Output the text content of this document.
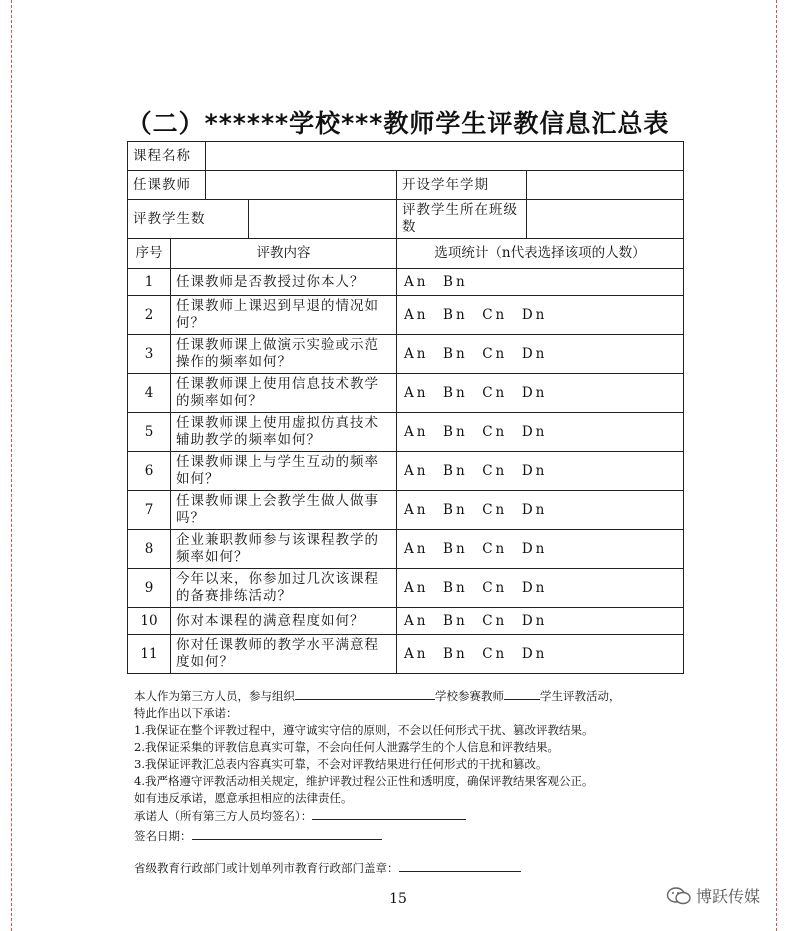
（二）******学校***教师学生评教信息汇总表
课程名称					
任课教师				开设学年学期	
评教学生数				评教学生所在班级数	
序号	评教内容			选项统计（n代表选择该项的人数）	
1	任课教师是否教授过你本人？			An  Bn	
2	任课教师上课迟到早退的情况如何？			An  Bn  Cn  Dn	
3	任课教师课上做演示实验或示范操作的频率如何？			An  Bn  Cn  Dn	
4	任课教师课上使用信息技术教学的频率如何？			An  Bn  Cn  Dn	
5	任课教师课上使用虚拟仿真技术辅助教学的频率如何？			An  Bn  Cn  Dn	
6	任课教师课上与学生互动的频率如何？			An  Bn  Cn  Dn	
7	任课教师课上会教学生做人做事吗？			An  Bn  Cn  Dn	
8	企业兼职教师参与该课程教学的频率如何？			An  Bn  Cn  Dn	
9	今年以来，你参加过几次该课程的备赛排练活动？			An  Bn  Cn  Dn	
10	你对本课程的满意程度如何？			An  Bn  Cn  Dn	
11	你对任课教师的教学水平满意程度如何？			An  Bn  Cn  Dn	

本人作为第三方人员，参与组织	学校参赛教师	学生评教活动，

特此作出以下承诺：

1.我保证在整个评教过程中，遵守诚实守信的原则，不会以任何形式干扰、篡改评教结果。

2.我保证采集的评教信息真实可靠，不会向任何人泄露学生的个人信息和评教结果。

3.我保证评教汇总表内容真实可靠，不会对评教结果进行任何形式的干扰和篡改。

4.我严格遵守评教活动相关规定，维护评教过程公正性和透明度，确保评教结果客观公正。

如有违反承诺，愿意承担相应的法律责任。

承诺人（所有第三方人员均签名）：

签名日期：

省级教育行政部门或计划单列市教育行政部门盖章：

15	博跃传媒
